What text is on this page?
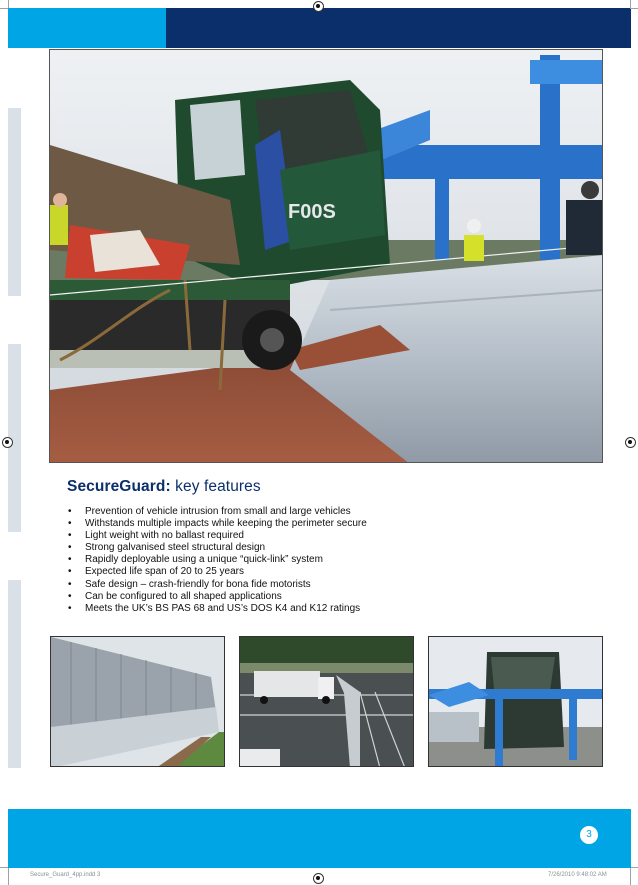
F00S
SecureGuard: key features
• Prevention of vehicle intrusion from small and large vehicles
• Withstands multiple impacts while keeping the perimeter secure
• Light weight with no ballast required
• Strong galvanised steel structural design
• Rapidly deployable using a unique “quick-link” system
• Expected life span of 20 to 25 years
• Safe design – crash-friendly for bona fide motorists
• Can be configured to all shaped applications
• Meets the UK’s BS PAS 68 and US’s DOS K4 and K12 ratings
3
Secure_Guard_4pp.indd 3	7/26/2010 9:48:02 AM
